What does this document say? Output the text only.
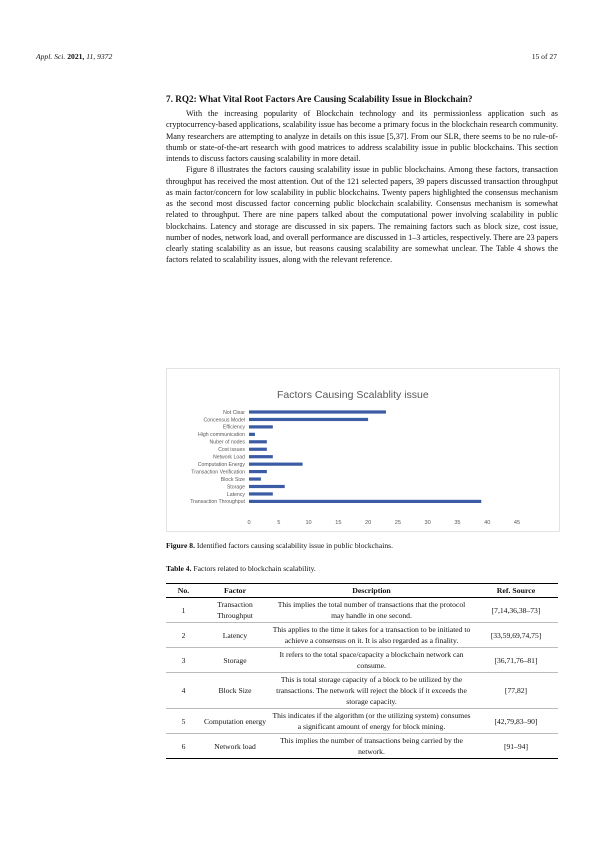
Appl. Sci. 2021, 11, 9372	15 of 27
7. RQ2: What Vital Root Factors Are Causing Scalability Issue in Blockchain?

With the increasing popularity of Blockchain technology and its permissionless application such as cryptocurrency-based applications, scalability issue has become a primary focus in the blockchain research community. Many researchers are attempting to analyze in details on this issue [5,37]. From our SLR, there seems to be no rule-of-thumb or state-of-the-art research with good matrices to address scalability issue in public blockchains. This section intends to discuss factors causing scalability in more detail.

Figure 8 illustrates the factors causing scalability issue in public blockchains. Among these factors, transaction throughput has received the most attention. Out of the 121 selected papers, 39 papers discussed transaction throughput as main factor/concern for low scalability in public blockchains. Twenty papers highlighted the consensus mechanism as the second most discussed factor concerning public blockchain scalability. Consensus mechanism is somewhat related to throughput. There are nine papers talked about the computational power involving scalability in public blockchains. Latency and storage are discussed in six papers. The remaining factors such as block size, cost issue, number of nodes, network load, and overall performance are discussed in 1–3 articles, respectively. There are 23 papers clearly stating scalability as an issue, but reasons causing scalability are somewhat unclear. The Table 4 shows the factors related to scalability issues, along with the relevant reference.

Factors Causing Scalablity issue
Not Clear
Concensus Model
Efficiency
High communication
Nuber of nodes
Cost issues
Network Load
Computation Energy
Transaction Verification
Block Size
Storage
Latency
Transaction Throughput
0	5	10	15	20	25	30	35	40	45
Figure 8. Identified factors causing scalability issue in public blockchains.
Table 4. Factors related to blockchain scalability.
No.	Factor	Description	Ref. Source
1	Transaction Throughput	This implies the total number of transactions that the protocol may handle in one second.	[7,14,36,38–73]
2	Latency	This applies to the time it takes for a transaction to be initiated to achieve a consensus on it. It is also regarded as a finality.	[33,59,69,74,75]
3	Storage	It refers to the total space/capacity a blockchain network can consume.	[36,71,76–81]
4	Block Size	This is total storage capacity of a block to be utilized by the transactions. The network will reject the block if it exceeds the storage capacity.	[77,82]
5	Computation energy	This indicates if the algorithm (or the utilizing system) consumes a significant amount of energy for block mining.	[42,79,83–90]
6	Network load	This implies the number of transactions being carried by the network.	[91–94]
